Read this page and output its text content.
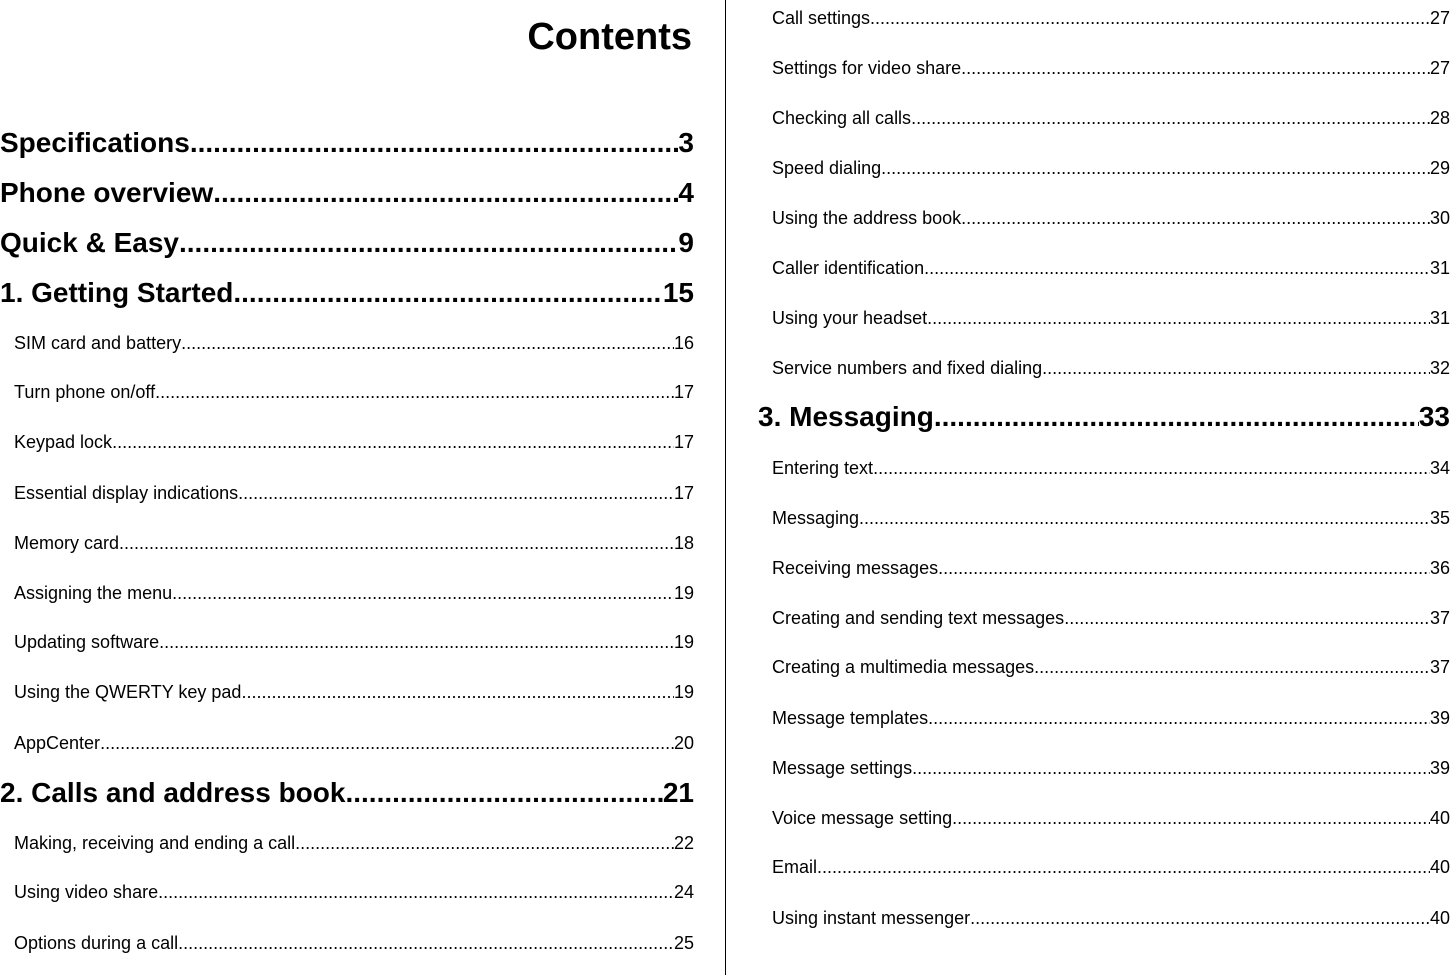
Contents
Specifications .....	3
Phone overview .....	4
Quick & Easy .....	9
1. Getting Started .....	15
SIM card and battery .....	16
Turn phone on/off .....	17
Keypad lock .....	17
Essential display indications .....	17
Memory card .....	18
Assigning the menu .....	19
Updating software .....	19
Using the QWERTY key pad .....	19
AppCenter .....	20
2. Calls and address book .....	21
Making, receiving and ending a call .....	22
Using video share .....	24
Options during a call .....	25
Call settings .....	27
Settings for video share .....	27
Checking all calls .....	28
Speed dialing .....	29
Using the address book .....	30
Caller identification .....	31
Using your headset .....	31
Service numbers and fixed dialing .....	32
3. Messaging .....	33
Entering text .....	34
Messaging .....	35
Receiving messages .....	36
Creating and sending text messages .....	37
Creating a multimedia messages .....	37
Message templates .....	39
Message settings .....	39
Voice message setting .....	40
Email .....	40
Using instant messenger .....	40
